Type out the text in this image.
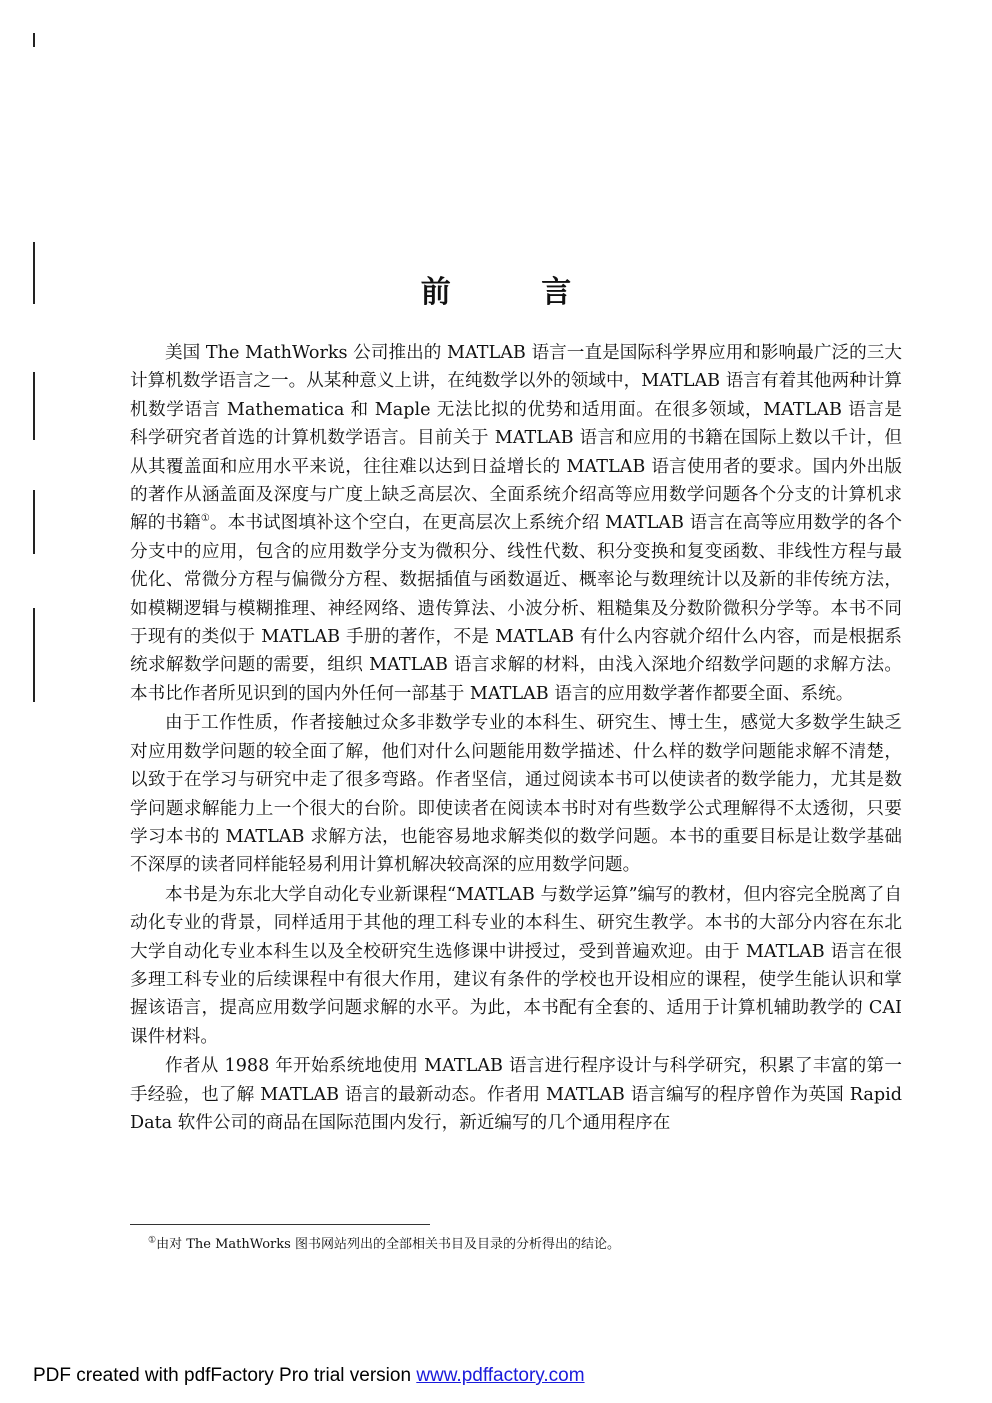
前 言

美国 The MathWorks 公司推出的 MATLAB 语言一直是国际科学界应用和影响最广泛的三大计算机数学语言之一。从某种意义上讲，在纯数学以外的领域中，MATLAB 语言有着其他两种计算机数学语言 Mathematica 和 Maple 无法比拟的优势和适用面。在很多领域，MATLAB 语言是科学研究者首选的计算机数学语言。目前关于 MATLAB 语言和应用的书籍在国际上数以千计，但从其覆盖面和应用水平来说，往往难以达到日益增长的 MATLAB 语言使用者的要求。国内外出版的著作从涵盖面及深度与广度上缺乏高层次、全面系统介绍高等应用数学问题各个分支的计算机求解的书籍①。本书试图填补这个空白，在更高层次上系统介绍 MATLAB 语言在高等应用数学的各个分支中的应用，包含的应用数学分支为微积分、线性代数、积分变换和复变函数、非线性方程与最优化、常微分方程与偏微分方程、数据插值与函数逼近、概率论与数理统计以及新的非传统方法，如模糊逻辑与模糊推理、神经网络、遗传算法、小波分析、粗糙集及分数阶微积分学等。本书不同于现有的类似于 MATLAB 手册的著作，不是 MATLAB 有什么内容就介绍什么内容，而是根据系统求解数学问题的需要，组织 MATLAB 语言求解的材料，由浅入深地介绍数学问题的求解方法。本书比作者所见识到的国内外任何一部基于 MATLAB 语言的应用数学著作都要全面、系统。

由于工作性质，作者接触过众多非数学专业的本科生、研究生、博士生，感觉大多数学生缺乏对应用数学问题的较全面了解，他们对什么问题能用数学描述、什么样的数学问题能求解不清楚，以致于在学习与研究中走了很多弯路。作者坚信，通过阅读本书可以使读者的数学能力，尤其是数学问题求解能力上一个很大的台阶。即使读者在阅读本书时对有些数学公式理解得不太透彻，只要学习本书的 MATLAB 求解方法，也能容易地求解类似的数学问题。本书的重要目标是让数学基础不深厚的读者同样能轻易利用计算机解决较高深的应用数学问题。

本书是为东北大学自动化专业新课程“MATLAB 与数学运算”编写的教材，但内容完全脱离了自动化专业的背景，同样适用于其他的理工科专业的本科生、研究生教学。本书的大部分内容在东北大学自动化专业本科生以及全校研究生选修课中讲授过，受到普遍欢迎。由于 MATLAB 语言在很多理工科专业的后续课程中有很大作用，建议有条件的学校也开设相应的课程，使学生能认识和掌握该语言，提高应用数学问题求解的水平。为此，本书配有全套的、适用于计算机辅助教学的 CAI 课件材料。

作者从 1988 年开始系统地使用 MATLAB 语言进行程序设计与科学研究，积累了丰富的第一手经验，也了解 MATLAB 语言的最新动态。作者用 MATLAB 语言编写的程序曾作为英国 Rapid Data 软件公司的商品在国际范围内发行，新近编写的几个通用程序在

①由对 The MathWorks 图书网站列出的全部相关书目及目录的分析得出的结论。
PDF created with pdfFactory Pro trial version www.pdffactory.com
